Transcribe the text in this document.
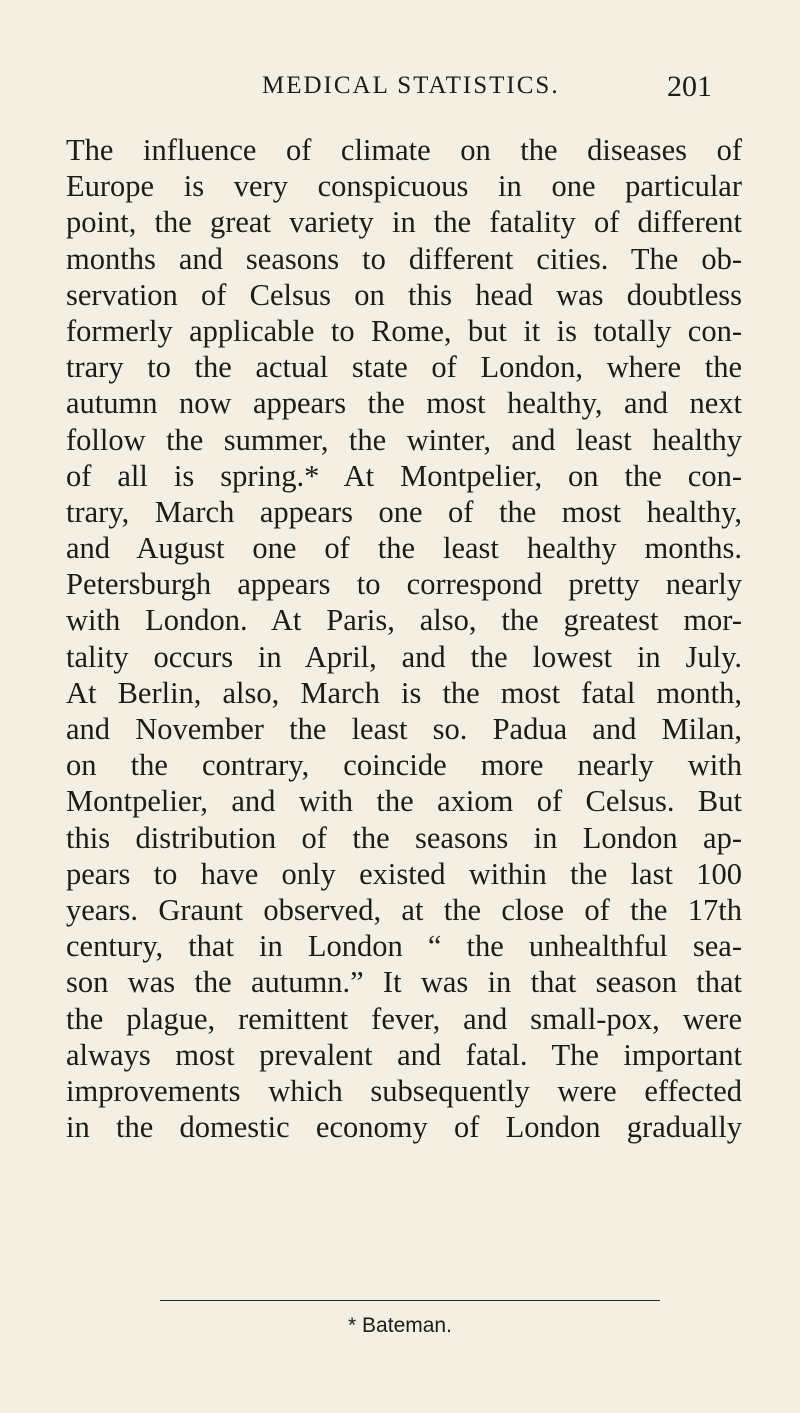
MEDICAL STATISTICS.	201
The influence of climate on the diseases of
Europe is very conspicuous in one particular
point, the great variety in the fatality of different
months and seasons to different cities. The ob-
servation of Celsus on this head was doubtless
formerly applicable to Rome, but it is totally con-
trary to the actual state of London, where the
autumn now appears the most healthy, and next
follow the summer, the winter, and least healthy
of all is spring.* At Montpelier, on the con-
trary, March appears one of the most healthy,
and August one of the least healthy months.
Petersburgh appears to correspond pretty nearly
with London. At Paris, also, the greatest mor-
tality occurs in April, and the lowest in July.
At Berlin, also, March is the most fatal month,
and November the least so. Padua and Milan,
on the contrary, coincide more nearly with
Montpelier, and with the axiom of Celsus. But
this distribution of the seasons in London ap-
pears to have only existed within the last 100
years. Graunt observed, at the close of the 17th
century, that in London “ the unhealthful sea-
son was the autumn.” It was in that season that
the plague, remittent fever, and small-pox, were
always most prevalent and fatal. The important
improvements which subsequently were effected
in the domestic economy of London gradually
* Bateman.
